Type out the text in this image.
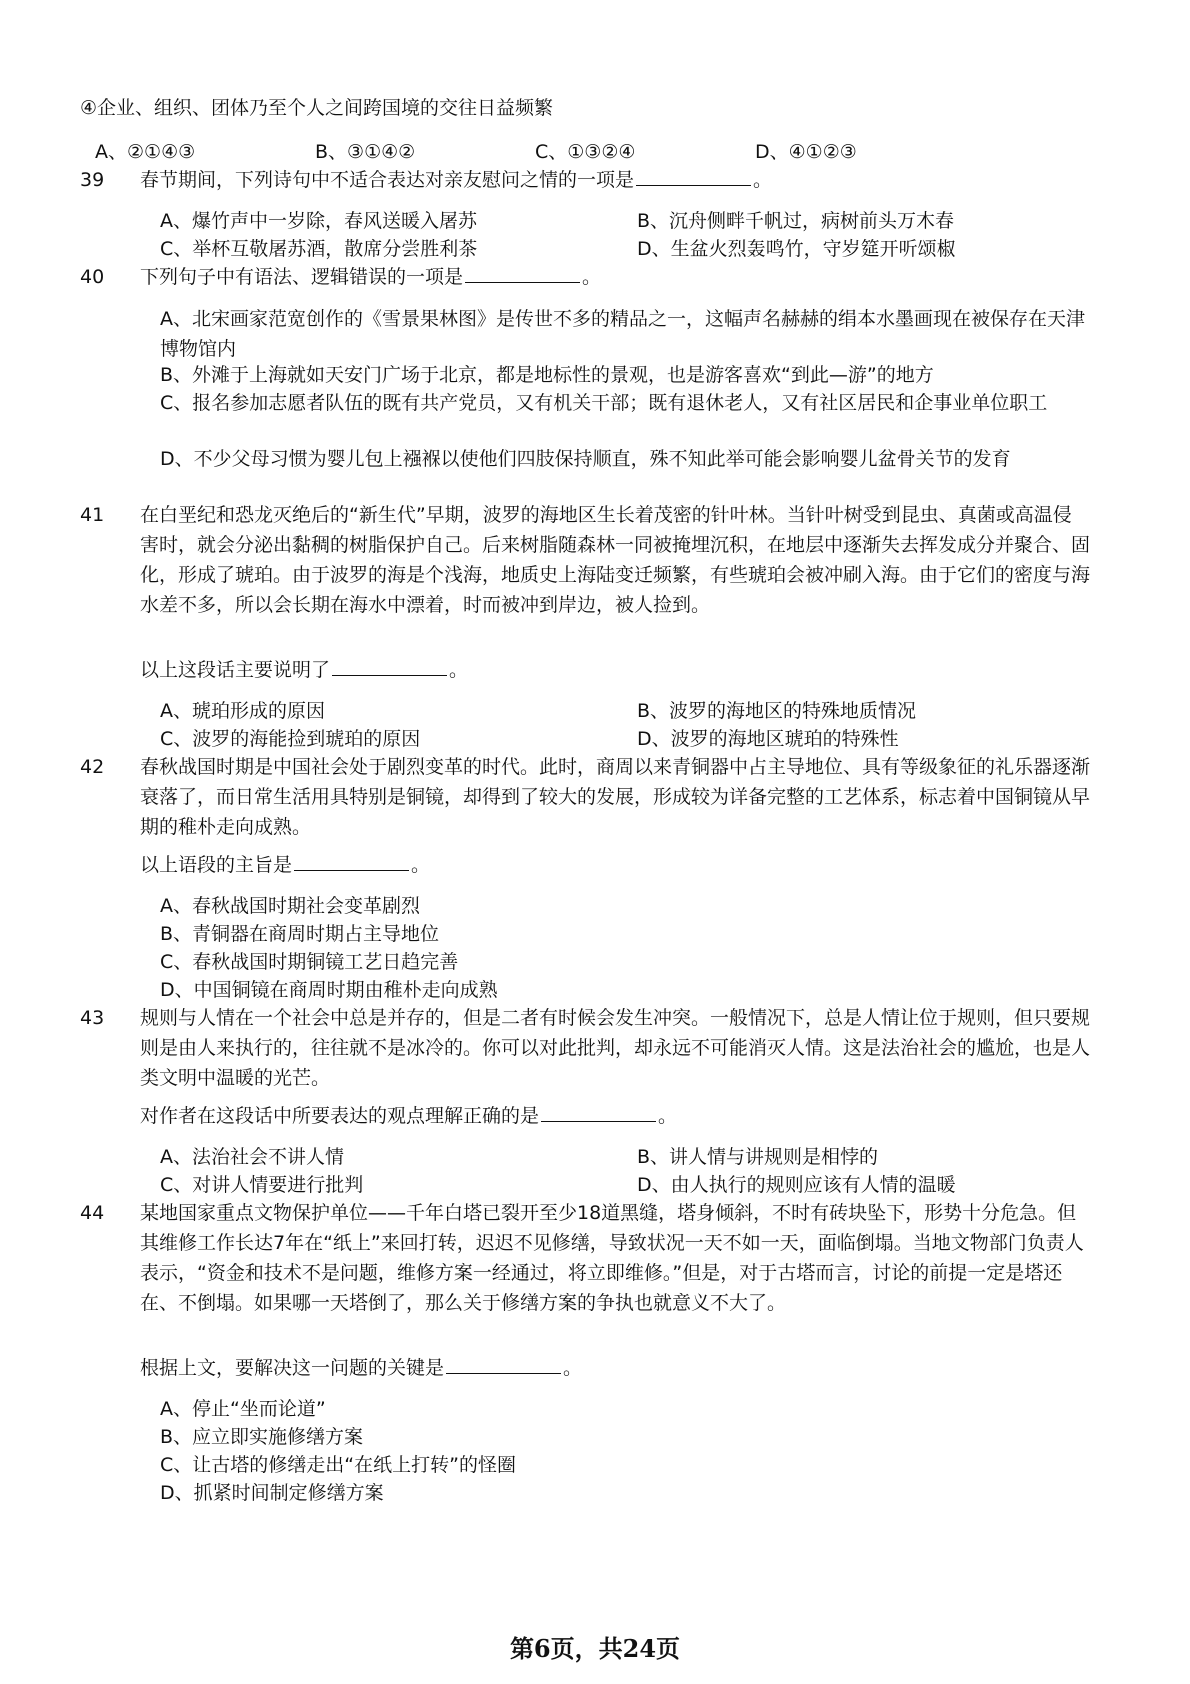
④企业、组织、团体乃至个人之间跨国境的交往日益频繁
A、②①④③	B、③①④②	C、①③②④	D、④①②③
39	春节期间，下列诗句中不适合表达对亲友慰问之情的一项是	。
A、爆竹声中一岁除，春风送暖入屠苏	B、沉舟侧畔千帆过，病树前头万木春
C、举杯互敬屠苏酒，散席分尝胜利茶	D、生盆火烈轰鸣竹，守岁筵开听颂椒
40	下列句子中有语法、逻辑错误的一项是	。
A、北宋画家范宽创作的《雪景果林图》是传世不多的精品之一，这幅声名赫赫的绢本水墨画现在被保存在天津博物馆内
B、外滩于上海就如天安门广场于北京，都是地标性的景观，也是游客喜欢“到此—游”的地方
C、报名参加志愿者队伍的既有共产党员，又有机关干部；既有退休老人，又有社区居民和企事业单位职工
D、不少父母习惯为婴儿包上襁褓以使他们四肢保持顺直，殊不知此举可能会影响婴儿盆骨关节的发育
41	在白垩纪和恐龙灭绝后的“新生代”早期，波罗的海地区生长着茂密的针叶林。当针叶树受到昆虫、真菌或高温侵害时，就会分泌出黏稠的树脂保护自己。后来树脂随森林一同被掩埋沉积，在地层中逐渐失去挥发成分并聚合、固化，形成了琥珀。由于波罗的海是个浅海，地质史上海陆变迁频繁，有些琥珀会被冲刷入海。由于它们的密度与海水差不多，所以会长期在海水中漂着，时而被冲到岸边，被人捡到。
以上这段话主要说明了	。
A、琥珀形成的原因	B、波罗的海地区的特殊地质情况
C、波罗的海能捡到琥珀的原因	D、波罗的海地区琥珀的特殊性
42	春秋战国时期是中国社会处于剧烈变革的时代。此时，商周以来青铜器中占主导地位、具有等级象征的礼乐器逐渐衰落了，而日常生活用具特别是铜镜，却得到了较大的发展，形成较为详备完整的工艺体系，标志着中国铜镜从早期的稚朴走向成熟。
以上语段的主旨是	。
A、春秋战国时期社会变革剧烈
B、青铜器在商周时期占主导地位
C、春秋战国时期铜镜工艺日趋完善
D、中国铜镜在商周时期由稚朴走向成熟
43	规则与人情在一个社会中总是并存的，但是二者有时候会发生冲突。一般情况下，总是人情让位于规则，但只要规则是由人来执行的，往往就不是冰冷的。你可以对此批判，却永远不可能消灭人情。这是法治社会的尴尬，也是人类文明中温暖的光芒。
对作者在这段话中所要表达的观点理解正确的是	。
A、法治社会不讲人情	B、讲人情与讲规则是相悖的
C、对讲人情要进行批判	D、由人执行的规则应该有人情的温暖
44	某地国家重点文物保护单位——千年白塔已裂开至少18道黑缝，塔身倾斜，不时有砖块坠下，形势十分危急。但其维修工作长达7年在“纸上”来回打转，迟迟不见修缮，导致状况一天不如一天，面临倒塌。当地文物部门负责人表示，“资金和技术不是问题，维修方案一经通过，将立即维修。”但是，对于古塔而言，讨论的前提一定是塔还在、不倒塌。如果哪一天塔倒了，那么关于修缮方案的争执也就意义不大了。
根据上文，要解决这一问题的关键是	。
A、停止“坐而论道”
B、应立即实施修缮方案
C、让古塔的修缮走出“在纸上打转”的怪圈
D、抓紧时间制定修缮方案
第6页，共24页
